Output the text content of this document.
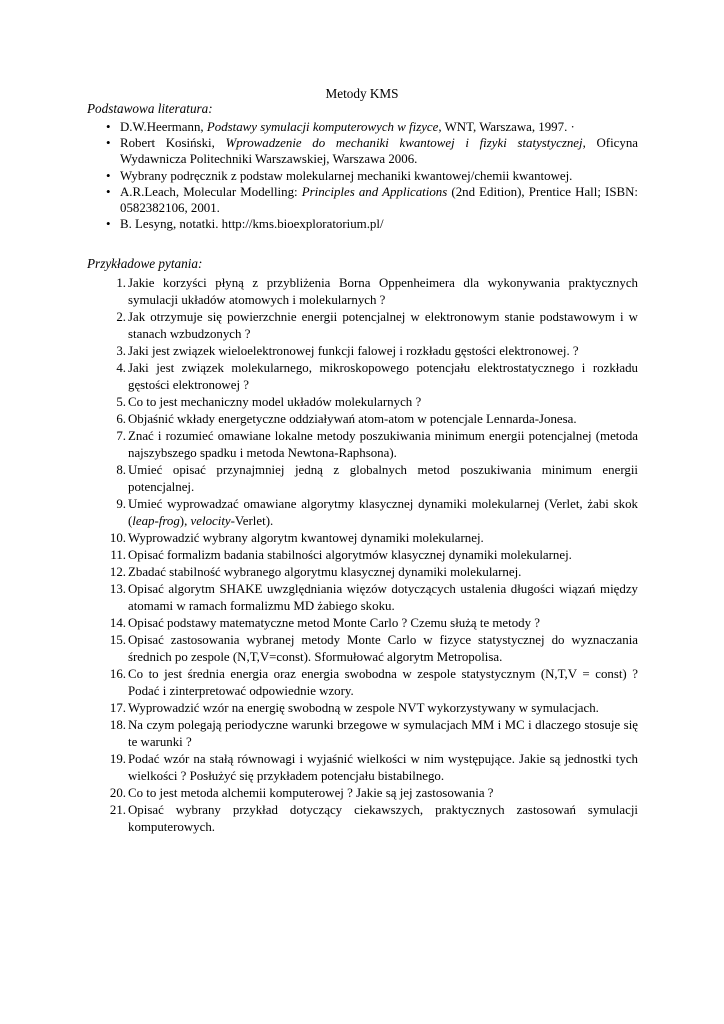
Metody KMS
Podstawowa literatura:
• D.W.Heermann, Podstawy symulacji komputerowych w fizyce, WNT, Warszawa, 1997. ·
• Robert Kosiński, Wprowadzenie do mechaniki kwantowej i fizyki statystycznej, Oficyna Wydawnicza Politechniki Warszawskiej, Warszawa 2006.
• Wybrany podręcznik z podstaw molekularnej mechaniki kwantowej/chemii kwantowej.
• A.R.Leach, Molecular Modelling: Principles and Applications (2nd Edition), Prentice Hall; ISBN: 0582382106, 2001.
• B. Lesyng, notatki. http://kms.bioexploratorium.pl/
Przykładowe pytania:
1. Jakie korzyści płyną z przybliżenia Borna Oppenheimera dla wykonywania praktycznych symulacji układów atomowych i molekularnych ?
2. Jak otrzymuje się powierzchnie energii potencjalnej w elektronowym stanie podstawowym i w stanach wzbudzonych ?
3. Jaki jest związek wieloelektronowej funkcji falowej i rozkładu gęstości elektronowej. ?
4. Jaki jest związek molekularnego, mikroskopowego potencjału elektrostatycznego i rozkładu gęstości elektronowej ?
5. Co to jest mechaniczny model układów molekularnych ?
6. Objaśnić wkłady energetyczne oddziaływań atom-atom w potencjale Lennarda-Jonesa.
7. Znać i rozumieć omawiane lokalne metody poszukiwania minimum energii potencjalnej (metoda najszybszego spadku i metoda Newtona-Raphsona).
8. Umieć opisać przynajmniej jedną z globalnych metod poszukiwania minimum energii potencjalnej.
9. Umieć wyprowadzać omawiane algorytmy klasycznej dynamiki molekularnej (Verlet, żabi skok (leap-frog), velocity-Verlet).
10. Wyprowadzić wybrany algorytm kwantowej dynamiki molekularnej.
11. Opisać formalizm badania stabilności algorytmów klasycznej dynamiki molekularnej.
12. Zbadać stabilność wybranego algorytmu klasycznej dynamiki molekularnej.
13. Opisać algorytm SHAKE uwzględniania więzów dotyczących ustalenia długości wiązań między atomami w ramach formalizmu MD żabiego skoku.
14. Opisać podstawy matematyczne metod Monte Carlo ? Czemu służą te metody ?
15. Opisać zastosowania wybranej metody Monte Carlo w fizyce statystycznej do wyznaczania średnich po zespole (N,T,V=const). Sformułować algorytm Metropolisa.
16. Co to jest średnia energia oraz energia swobodna w zespole statystycznym (N,T,V = const) ? Podać i zinterpretować odpowiednie wzory.
17. Wyprowadzić wzór na energię swobodną w zespole NVT wykorzystywany w symulacjach.
18. Na czym polegają periodyczne warunki brzegowe w symulacjach MM i MC i dlaczego stosuje się te warunki ?
19. Podać wzór na stałą równowagi i wyjaśnić wielkości w nim występujące. Jakie są jednostki tych wielkości ? Posłużyć się przykładem potencjału bistabilnego.
20. Co to jest metoda alchemii komputerowej ? Jakie są jej zastosowania ?
21. Opisać wybrany przykład dotyczący ciekawszych, praktycznych zastosowań symulacji komputerowych.
